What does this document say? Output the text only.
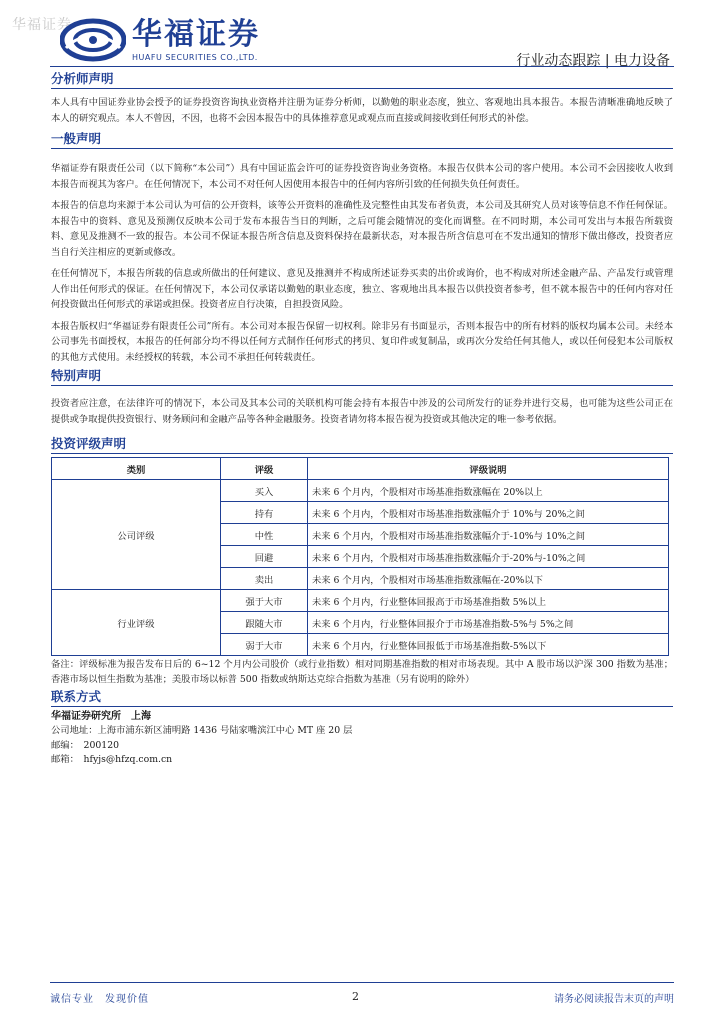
华福证券 华福证券
HUAFU SECURITIES CO.,LTD.	行业动态跟踪 | 电力设备
分析师声明

本人具有中国证券业协会授予的证券投资咨询执业资格并注册为证券分析师，以勤勉的职业态度，独立、客观地出具本报告。本报告清晰准确地反映了本人的研究观点。本人不曾因，不因，也将不会因本报告中的具体推荐意见或观点而直接或间接收到任何形式的补偿。

一般声明

华福证券有限责任公司（以下简称“本公司”）具有中国证监会许可的证券投资咨询业务资格。本报告仅供本公司的客户使用。本公司不会因接收人收到本报告而视其为客户。在任何情况下，本公司不对任何人因使用本报告中的任何内容所引致的任何损失负任何责任。

本报告的信息均来源于本公司认为可信的公开资料，该等公开资料的准确性及完整性由其发布者负责，本公司及其研究人员对该等信息不作任何保证。本报告中的资料、意见及预测仅反映本公司于发布本报告当日的判断，之后可能会随情况的变化而调整。在不同时期，本公司可发出与本报告所载资料、意见及推测不一致的报告。本公司不保证本报告所含信息及资料保持在最新状态，对本报告所含信息可在不发出通知的情形下做出修改，投资者应当自行关注相应的更新或修改。

在任何情况下，本报告所载的信息或所做出的任何建议、意见及推测并不构成所述证券买卖的出价或询价，也不构成对所述金融产品、产品发行或管理人作出任何形式的保证。在任何情况下，本公司仅承诺以勤勉的职业态度，独立、客观地出具本报告以供投资者参考，但不就本报告中的任何内容对任何投资做出任何形式的承诺或担保。投资者应自行决策，自担投资风险。

本报告版权归“华福证券有限责任公司”所有。本公司对本报告保留一切权利。除非另有书面显示，否则本报告中的所有材料的版权均属本公司。未经本公司事先书面授权，本报告的任何部分均不得以任何方式制作任何形式的拷贝、复印件或复制品，或再次分发给任何其他人，或以任何侵犯本公司版权的其他方式使用。未经授权的转载，本公司不承担任何转载责任。

特别声明

投资者应注意，在法律许可的情况下，本公司及其本公司的关联机构可能会持有本报告中涉及的公司所发行的证券并进行交易，也可能为这些公司正在提供或争取提供投资银行、财务顾问和金融产品等各种金融服务。投资者请勿将本报告视为投资或其他决定的唯一参考依据。

投资评级声明
类别	评级	评级说明
公司评级	买入	未来 6 个月内，个股相对市场基准指数涨幅在 20%以上
	持有	未来 6 个月内，个股相对市场基准指数涨幅介于 10%与 20%之间
	中性	未来 6 个月内，个股相对市场基准指数涨幅介于-10%与 10%之间
	回避	未来 6 个月内，个股相对市场基准指数涨幅介于-20%与-10%之间
	卖出	未来 6 个月内，个股相对市场基准指数涨幅在-20%以下
行业评级	强于大市	未来 6 个月内，行业整体回报高于市场基准指数 5%以上
	跟随大市	未来 6 个月内，行业整体回报介于市场基准指数-5%与 5%之间
	弱于大市	未来 6 个月内，行业整体回报低于市场基准指数-5%以下

备注：评级标准为报告发布日后的 6~12 个月内公司股价（或行业指数）相对同期基准指数的相对市场表现。其中 A 股市场以沪深 300 指数为基准；香港市场以恒生指数为基准；美股市场以标普 500 指数或纳斯达克综合指数为基准（另有说明的除外）

联系方式
华福证券研究所　上海
公司地址：上海市浦东新区浦明路 1436 号陆家嘴滨江中心 MT 座 20 层
邮编：　200120
邮箱：　hfyjs@hfzq.com.cn
诚信专业　发现价值	2	请务必阅读报告末页的声明
